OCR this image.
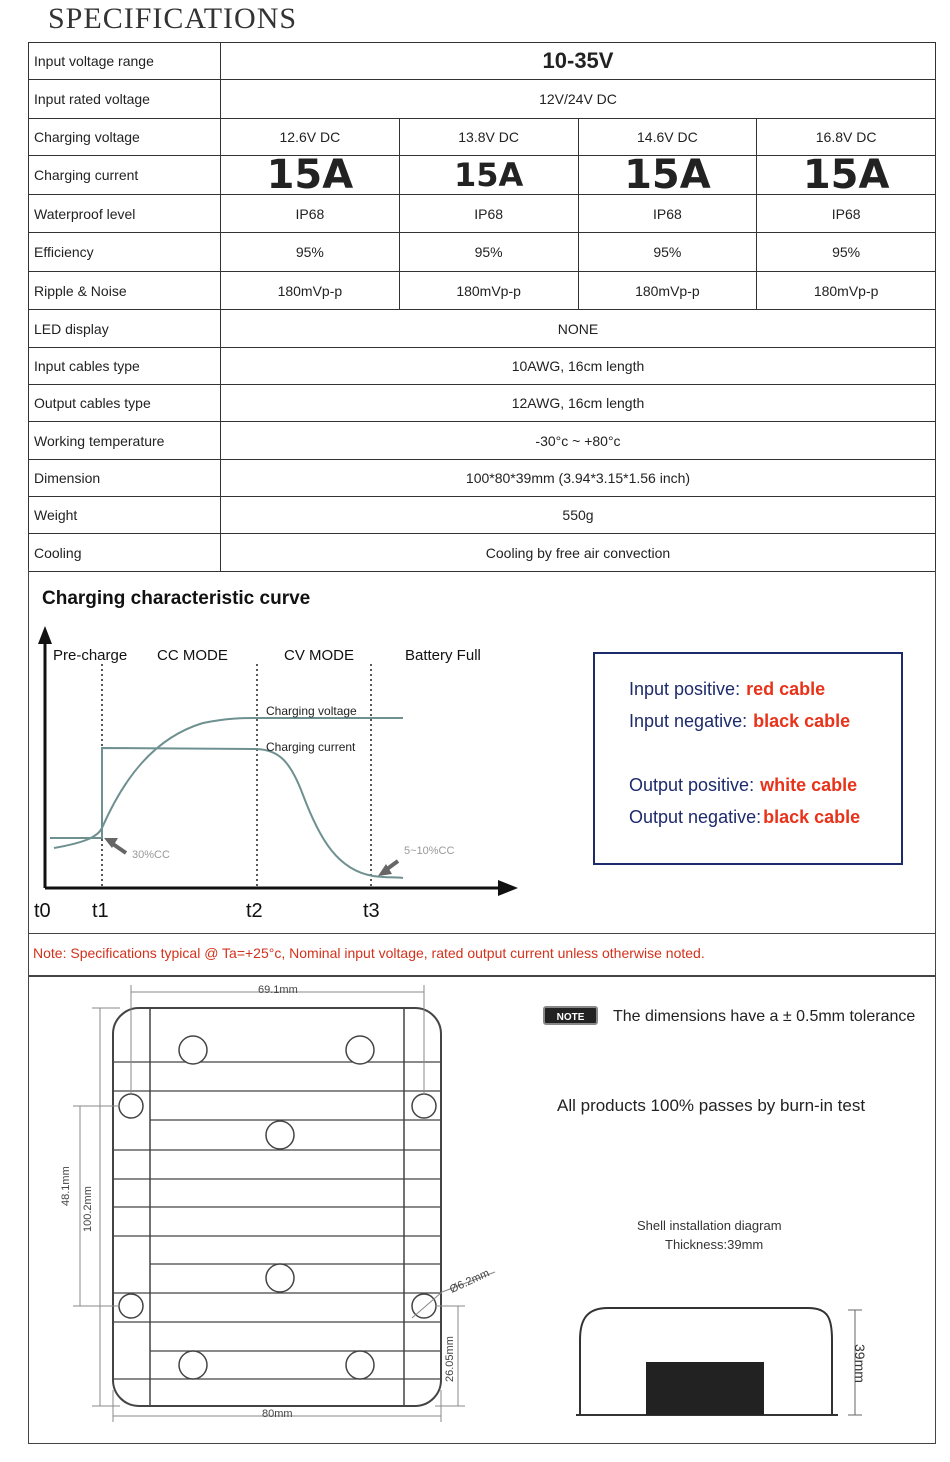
SPECIFICATIONS
Input voltage range	10-35V			
Input rated voltage	12V/24V DC			
Charging voltage	12.6V DC	13.8V DC	14.6V DC	16.8V DC
Charging current	15A	15A	15A	15A
Waterproof level	IP68	IP68	IP68	IP68
Efficiency	95%	95%	95%	95%
Ripple & Noise	180mVp-p	180mVp-p	180mVp-p	180mVp-p
LED display	NONE			
Input cables type	10AWG, 16cm length			
Output cables type	12AWG, 16cm length			
Working temperature	-30°c ~ +80°c			
Dimension	100*80*39mm (3.94*3.15*1.56 inch)			
Weight	550g			
Cooling	Cooling by free air convection			
Charging characteristic curve
Pre-charge CC MODE	CV MODE	Battery Full
Charging voltage
Charging current
30%CC	5~10%CC
t0 t1	t2	t3
Input positive: red cable
Input negative: black cable
Output positive: white cable
Output negative: black cable
Note: Specifications typical @ Ta=+25°c, Nominal input voltage, rated output current unless otherwise noted.
69.1mm
80mm
48.1mm
100.2mm
Ø6.2mm
26.05mm
NOTE	The dimensions have a ± 0.5mm tolerance
All products 100% passes by burn-in test
Shell installation diagram
Thickness:39mm
39mm
